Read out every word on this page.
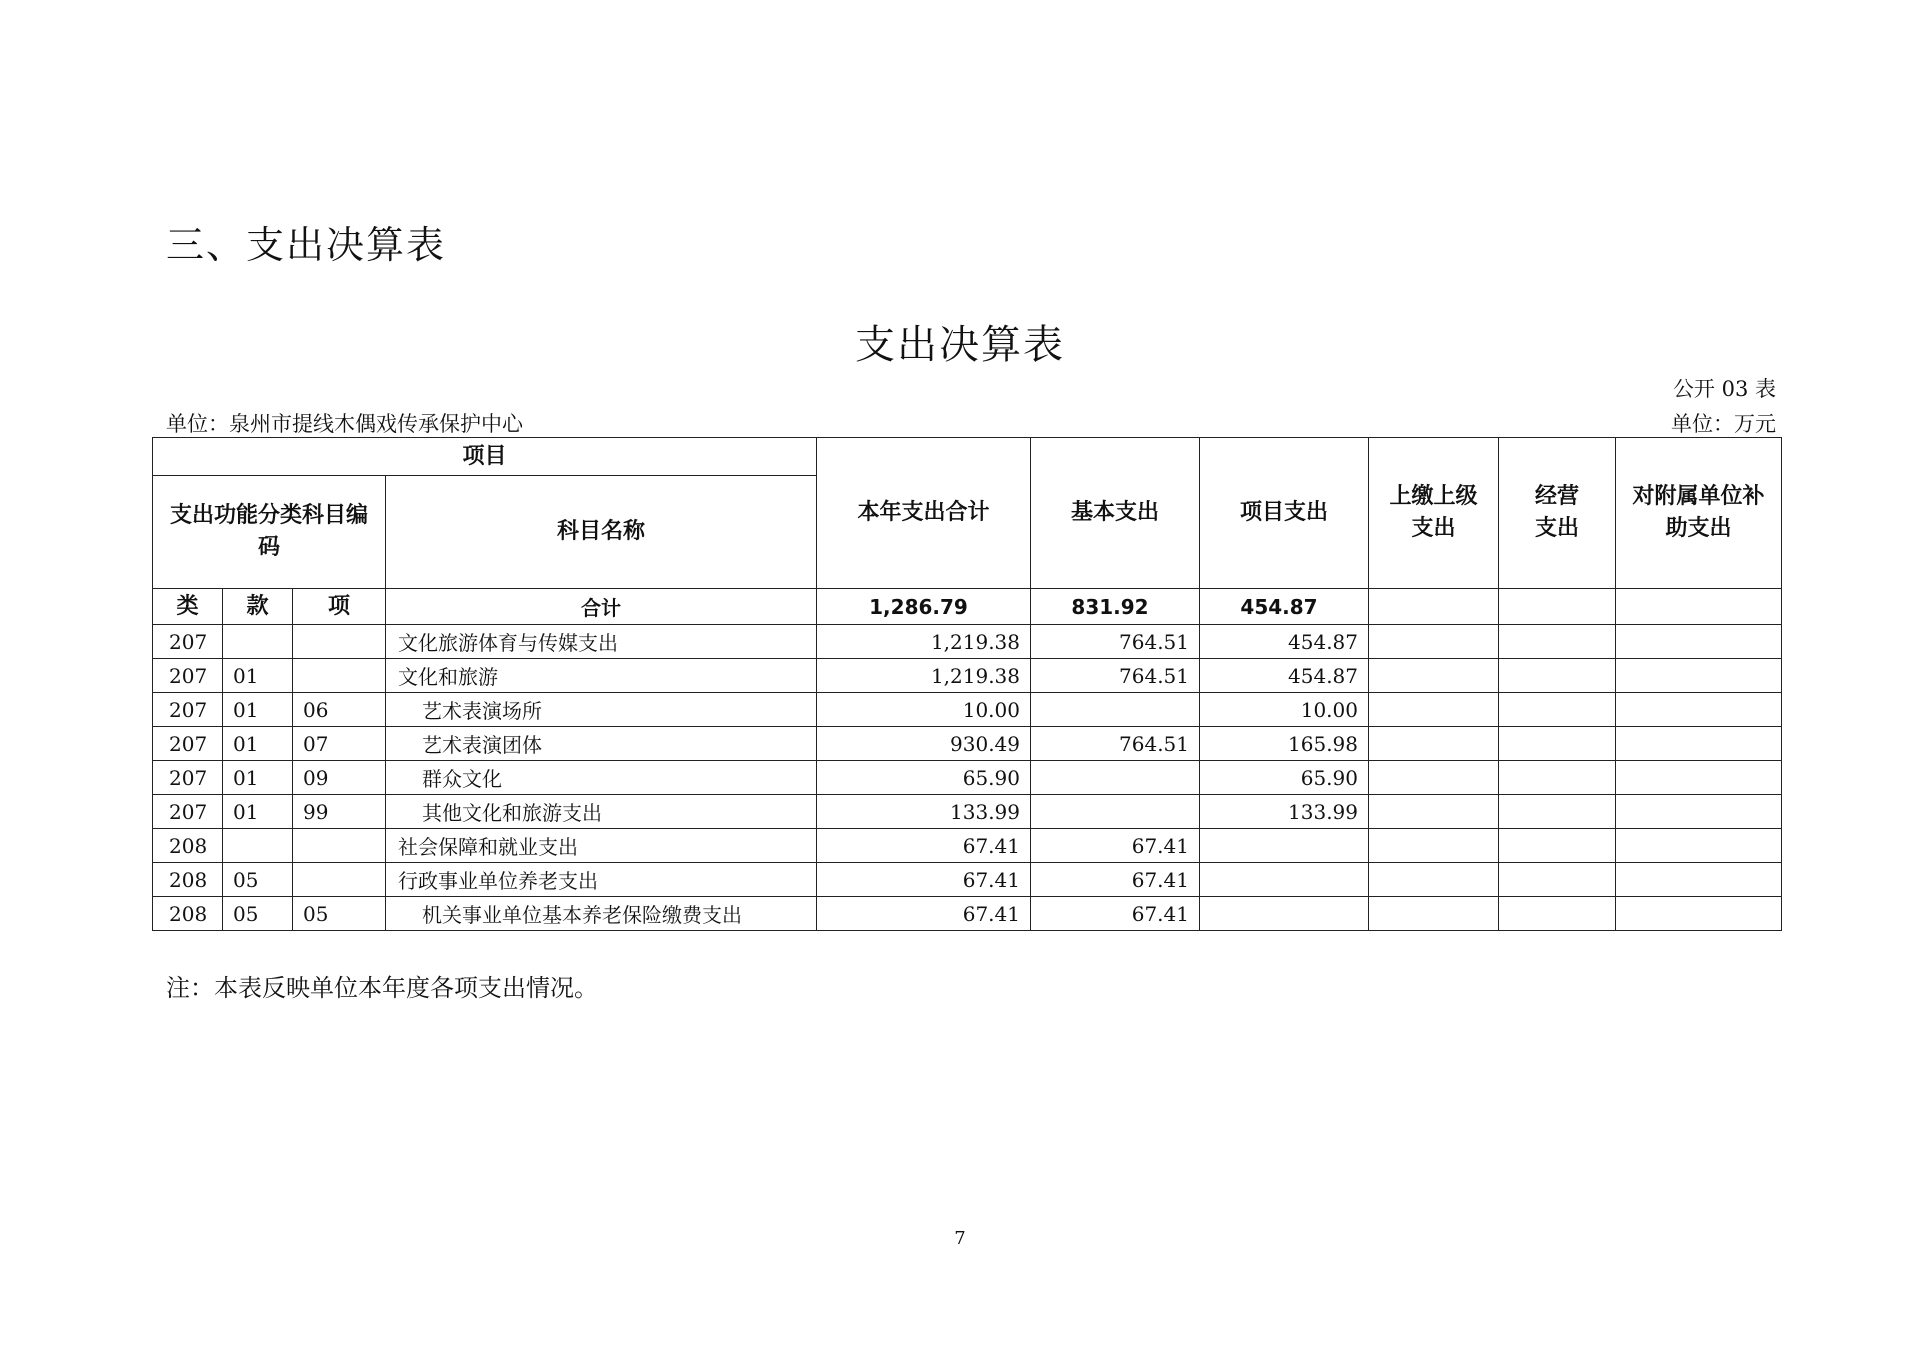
三、支出决算表
支出决算表
公开 03 表
单位：泉州市提线木偶戏传承保护中心	单位：万元
项目				本年支出合计	基本支出	项目支出	上缴上级支出	经营支出	对附属单位补助支出
支出功能分类科目编码			科目名称						
类	款	项	合计	1,286.79	831.92	454.87			
207			文化旅游体育与传媒支出	1,219.38	764.51	454.87			
207	01		文化和旅游	1,219.38	764.51	454.87			
207	01	06	艺术表演场所	10.00		10.00			
207	01	07	艺术表演团体	930.49	764.51	165.98			
207	01	09	群众文化	65.90		65.90			
207	01	99	其他文化和旅游支出	133.99		133.99			
208			社会保障和就业支出	67.41	67.41				
208	05		行政事业单位养老支出	67.41	67.41				
208	05	05	机关事业单位基本养老保险缴费支出	67.41	67.41				
注：本表反映单位本年度各项支出情况。
7
